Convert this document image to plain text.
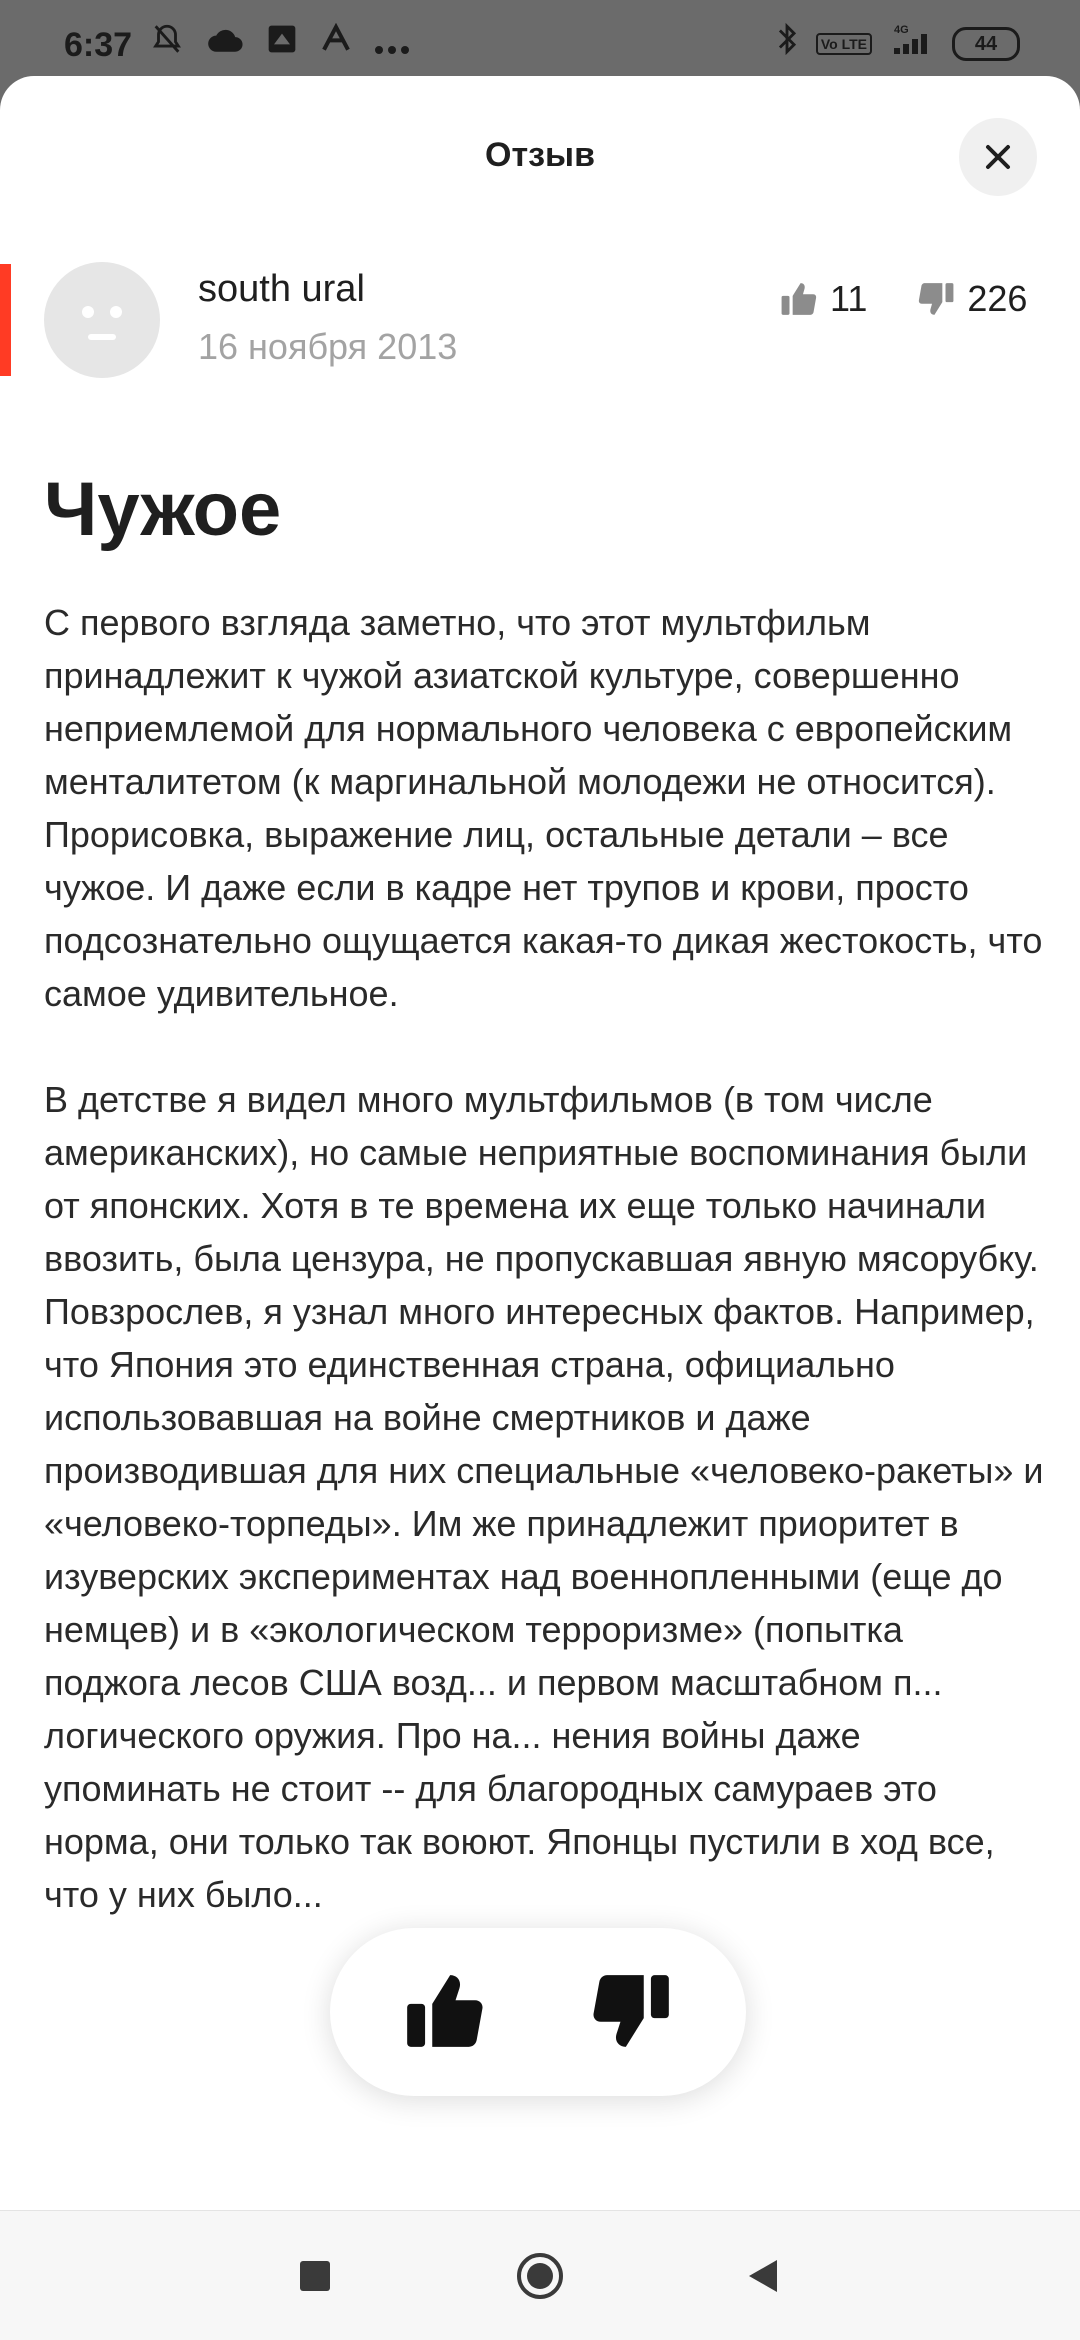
6:37	Vo LTE
4G
44
Отзыв
south ural
16 ноября 2013
11	226
Чужое

С первого взгляда заметно, что этот мультфильм принадлежит к чужой азиатской культуре, совершенно неприемлемой для нормального человека с европейским менталитетом (к маргинальной молодежи не относится). Прорисовка, выражение лиц, остальные детали – все чужое. И даже если в кадре нет трупов и крови, просто подсознательно ощущается какая-то дикая жестокость, что самое удивительное.

В детстве я видел много мультфильмов (в том числе американских), но самые неприятные воспоминания были от японских. Хотя в те времена их еще только начинали ввозить, была цензура, не пропускавшая явную мясорубку. Повзрослев, я узнал много интересных фактов. Например, что Япония это единственная страна, официально использовавшая на войне смертников и даже производившая для них специальные «человеко-ракеты» и «человеко-торпеды». Им же принадлежит приоритет в изуверских экспериментах над военнопленными (еще до немцев) и в «экологическом терроризме» (попытка поджога лесов США возд... и первом масштабном п... логического оружия. Про на... нения войны даже упоминать не стоит -- для благородных самураев это норма, они только так воюют. Японцы пустили в ход все, что у них было...
